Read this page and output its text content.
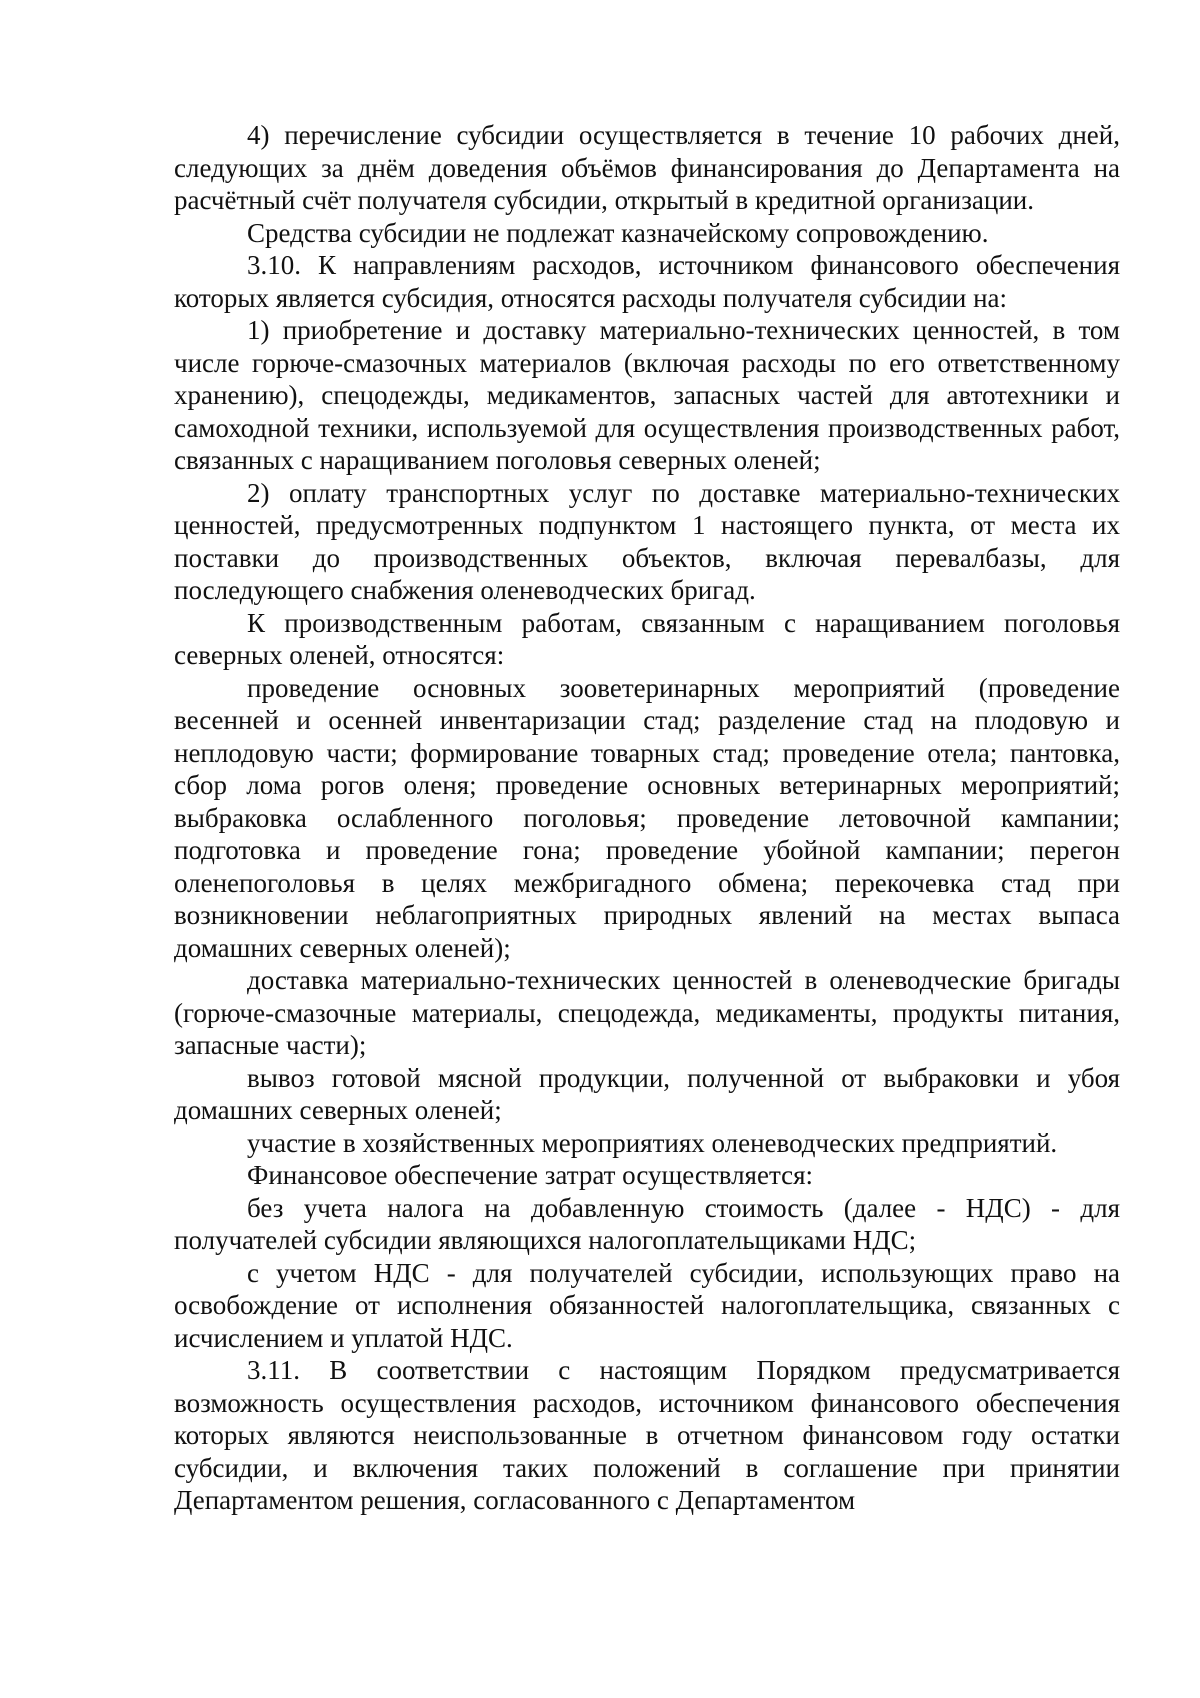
4) перечисление субсидии осуществляется в течение 10 рабочих дней, следующих за днём доведения объёмов финансирования до Департамента на расчётный счёт получателя субсидии, открытый в кредитной организации.

Средства субсидии не подлежат казначейскому сопровождению.

3.10. К направлениям расходов, источником финансового обеспечения которых является субсидия, относятся расходы получателя субсидии на:

1) приобретение и доставку материально-технических ценностей, в том числе горюче-смазочных материалов (включая расходы по его ответственному хранению), спецодежды, медикаментов, запасных частей для автотехники и самоходной техники, используемой для осуществления производственных работ, связанных с наращиванием поголовья северных оленей;

2) оплату транспортных услуг по доставке материально-технических ценностей, предусмотренных подпунктом 1 настоящего пункта, от места их поставки до производственных объектов, включая перевалбазы, для последующего снабжения оленеводческих бригад.

К производственным работам, связанным с наращиванием поголовья северных оленей, относятся:

проведение основных зооветеринарных мероприятий (проведение весенней и осенней инвентаризации стад; разделение стад на плодовую и неплодовую части; формирование товарных стад; проведение отела; пантовка, сбор лома рогов оленя; проведение основных ветеринарных мероприятий; выбраковка ослабленного поголовья; проведение летовочной кампании; подготовка и проведение гона; проведение убойной кампании; перегон оленепоголовья в целях межбригадного обмена; перекочевка стад при возникновении неблагоприятных природных явлений на местах выпаса домашних северных оленей);

доставка материально-технических ценностей в оленеводческие бригады (горюче-смазочные материалы, спецодежда, медикаменты, продукты питания, запасные части);

вывоз готовой мясной продукции, полученной от выбраковки и убоя домашних северных оленей;

участие в хозяйственных мероприятиях оленеводческих предприятий.

Финансовое обеспечение затрат осуществляется:

без учета налога на добавленную стоимость (далее - НДС) - для получателей субсидии являющихся налогоплательщиками НДС;

с учетом НДС - для получателей субсидии, использующих право на освобождение от исполнения обязанностей налогоплательщика, связанных с исчислением и уплатой НДС.

3.11. В соответствии с настоящим Порядком предусматривается возможность осуществления расходов, источником финансового обеспечения которых являются неиспользованные в отчетном финансовом году остатки субсидии, и включения таких положений в соглашение при принятии Департаментом решения, согласованного с Департаментом
